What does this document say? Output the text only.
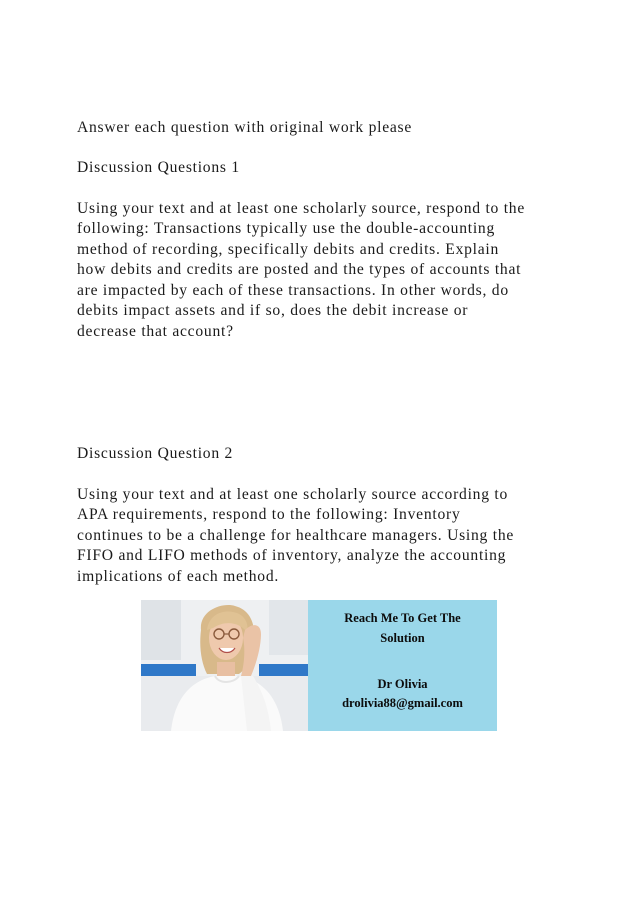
Answer each question with original work please

Discussion Questions 1

Using your text and at least one scholarly source, respond to the

following: Transactions typically use the double-accounting

method of recording, specifically debits and credits. Explain

how debits and credits are posted and the types of accounts that

are impacted by each of these transactions. In other words, do

debits impact assets and if so, does the debit increase or

decrease that account?

Discussion Question 2

Using your text and at least one scholarly source according to

APA requirements, respond to the following: Inventory

continues to be a challenge for healthcare managers. Using the

FIFO and LIFO methods of inventory, analyze the accounting

implications of each method.

Reach Me To Get The
Solution
Dr Olivia
drolivia88@gmail.com
